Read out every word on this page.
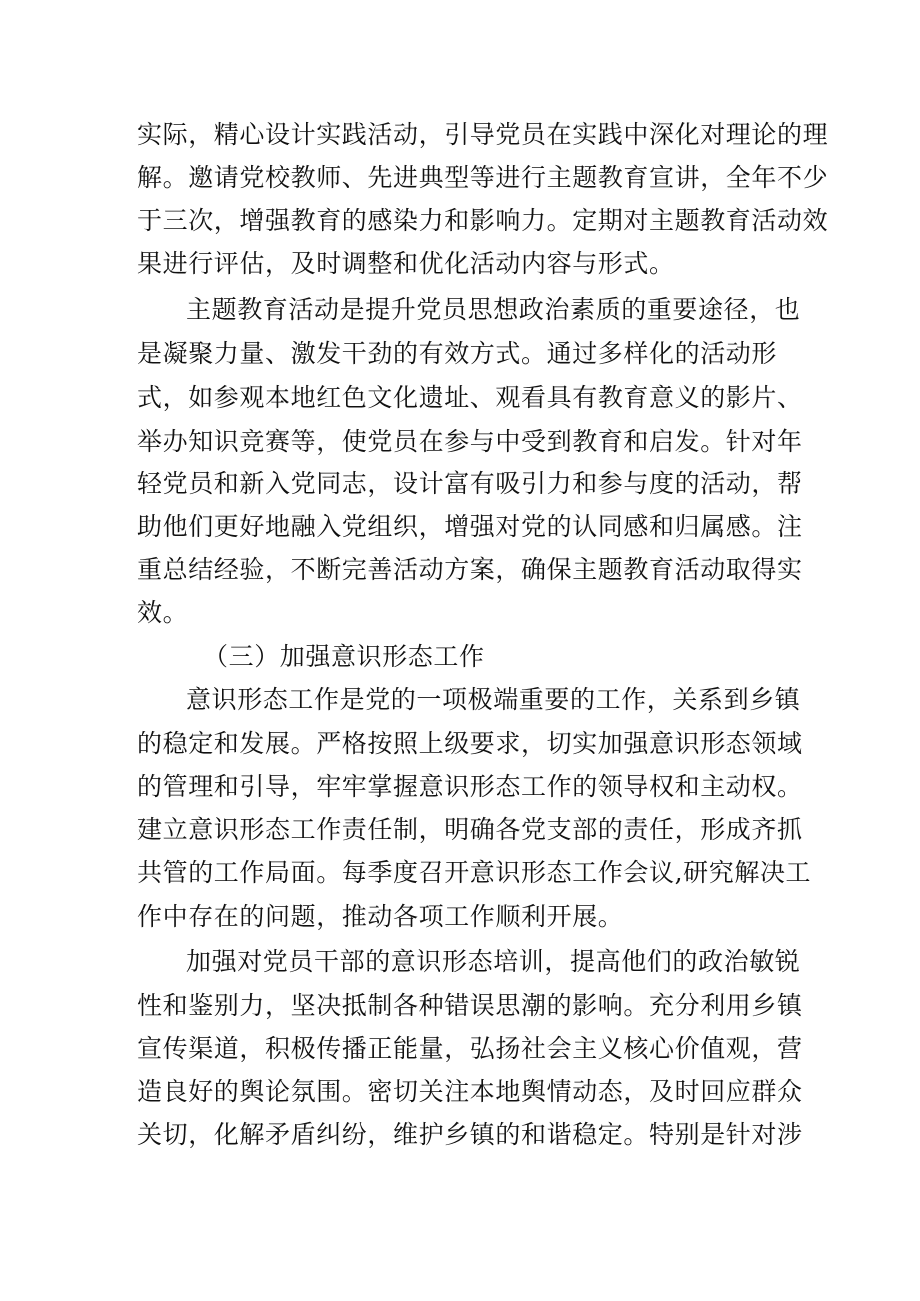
实际，精心设计实践活动，引导党员在实践中深化对理论的理

解。邀请党校教师、先进典型等进行主题教育宣讲，全年不少

于三次，增强教育的感染力和影响力。定期对主题教育活动效

果进行评估，及时调整和优化活动内容与形式。

主题教育活动是提升党员思想政治素质的重要途径，也

是凝聚力量、激发干劲的有效方式。通过多样化的活动形

式，如参观本地红色文化遗址、观看具有教育意义的影片、

举办知识竞赛等，使党员在参与中受到教育和启发。针对年

轻党员和新入党同志，设计富有吸引力和参与度的活动，帮

助他们更好地融入党组织，增强对党的认同感和归属感。注

重总结经验，不断完善活动方案，确保主题教育活动取得实

效。

（三）加强意识形态工作

意识形态工作是党的一项极端重要的工作，关系到乡镇

的稳定和发展。严格按照上级要求，切实加强意识形态领域

的管理和引导，牢牢掌握意识形态工作的领导权和主动权。

建立意识形态工作责任制，明确各党支部的责任，形成齐抓

共管的工作局面。每季度召开意识形态工作会议,研究解决工

作中存在的问题，推动各项工作顺利开展。

加强对党员干部的意识形态培训，提高他们的政治敏锐

性和鉴别力，坚决抵制各种错误思潮的影响。充分利用乡镇

宣传渠道，积极传播正能量，弘扬社会主义核心价值观，营

造良好的舆论氛围。密切关注本地舆情动态，及时回应群众

关切，化解矛盾纠纷，维护乡镇的和谐稳定。特别是针对涉
